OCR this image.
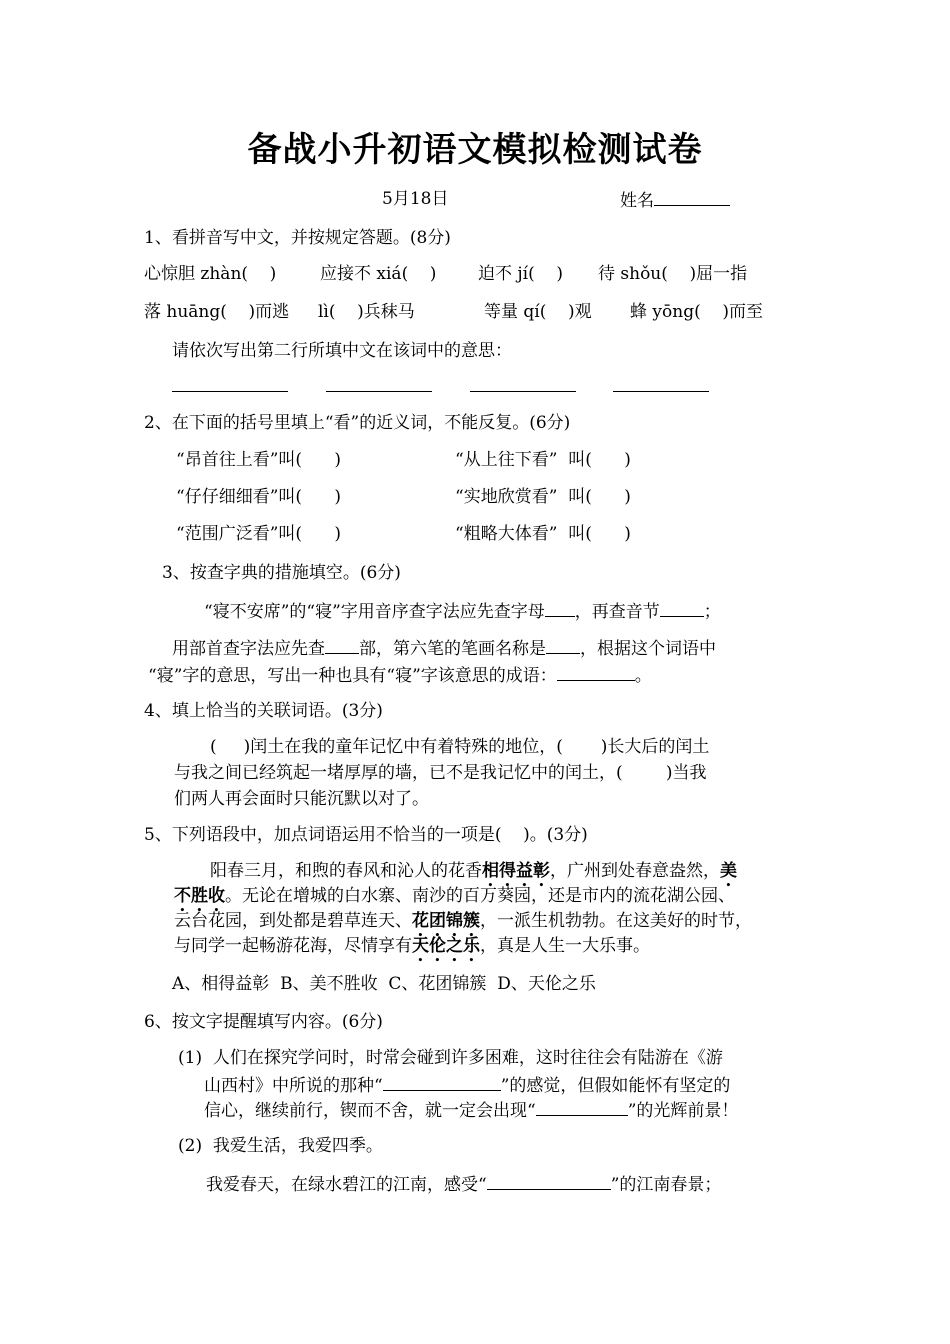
备战小升初语文模拟检测试卷
5月18日	姓名
1、看拼音写中文，并按规定答题。(8分)
心惊胆 zhàn(    )	应接不 xiá(    ) 迫不 jí(    ) 待 shǒu(    )屈一指
落 huāng(    )而逃 lì(    )兵秣马	等量 qí(    )观 蜂 yōng(    )而至
请依次写出第二行所填中文在该词中的意思：
2、在下面的括号里填上“看”的近义词，不能反复。(6分)
“昂首往上看”叫(      )	“从上往下看”  叫(      )
“仔仔细细看”叫(      )	“实地欣赏看”  叫(      )
“范围广泛看”叫(      )	“粗略大体看”  叫(      )
3、按查字典的措施填空。(6分)
“寝不安席”的“寝”字用音序查字法应先查字母 ，再查音节	；
用部首查字法应先查 部，第六笔的笔画名称是 ，根据这个词语中
“寝”字的意思，写出一种也具有“寝”字该意思的成语：	。
4、填上恰当的关联词语。(3分)
(     )闰土在我的童年记忆中有着特殊的地位，(       )长大后的闰土
与我之间已经筑起一堵厚厚的墙，已不是我记忆中的闰土，(        )当我
们两人再会面时只能沉默以对了。
5、下列语段中，加点词语运用不恰当的一项是(    )。(3分)
阳春三月，和煦的春风和沁人的花香相得益彰，广州到处春意盎然，美
不胜收。无论在增城的白水寨、南沙的百万葵园，还是市内的流花湖公园、
云台花园，到处都是碧草连天、花团锦簇，一派生机勃勃。在这美好的时节，
与同学一起畅游花海，尽情享有天伦之乐，真是人生一大乐事。
A、相得益彰  B、美不胜收  C、花团锦簇  D、天伦之乐
6、按文字提醒填写内容。(6分)
(1)  人们在探究学问时，时常会碰到许多困难，这时往往会有陆游在《游
山西村》中所说的那种“	”的感觉，但假如能怀有坚定的
信心，继续前行，锲而不舍，就一定会出现“	”的光辉前景！
(2)  我爱生活，我爱四季。
我爱春天，在绿水碧江的江南，感受“	”的江南春景；
